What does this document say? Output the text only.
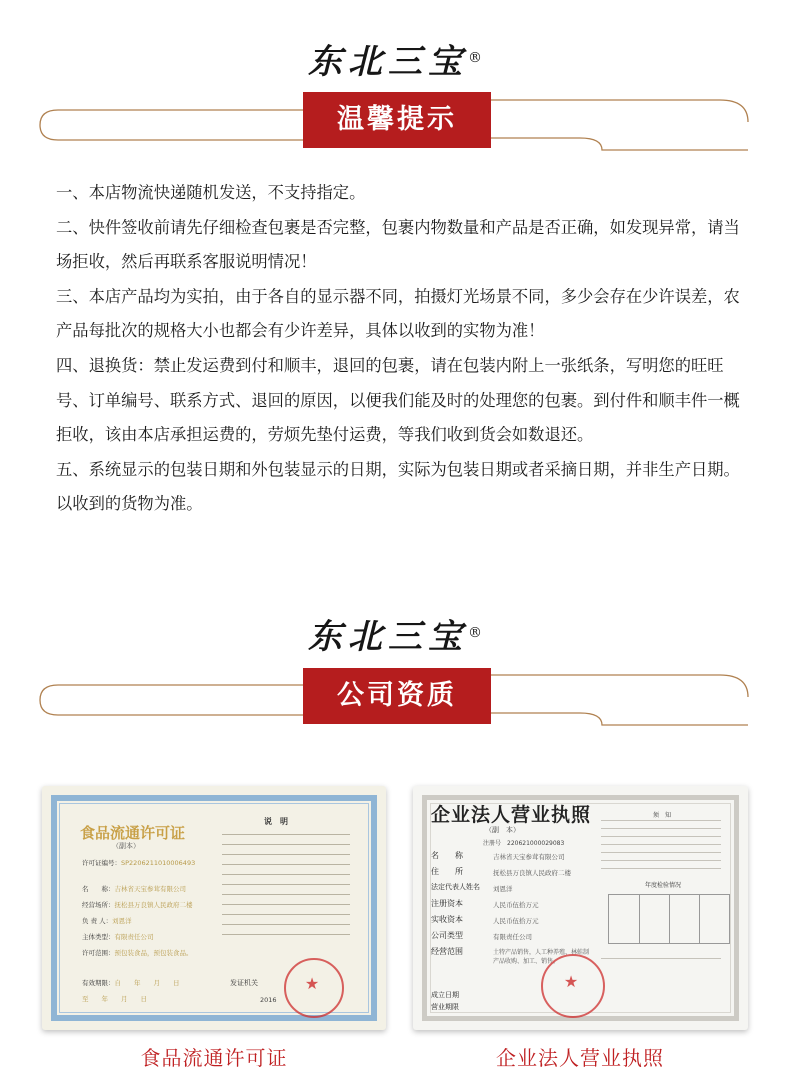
东北三宝®
温馨提示

一、本店物流快递随机发送，不支持指定。

二、快件签收前请先仔细检查包裹是否完整，包裹内物数量和产品是否正确，如发现异常，请当场拒收，然后再联系客服说明情况！

三、本店产品均为实拍，由于各自的显示器不同，拍摄灯光场景不同，多少会存在少许误差，农产品每批次的规格大小也都会有少许差异，具体以收到的实物为准！

四、退换货：禁止发运费到付和顺丰，退回的包裹，请在包装内附上一张纸条，写明您的旺旺号、订单编号、联系方式、退回的原因，以便我们能及时的处理您的包裹。到付件和顺丰件一概拒收，该由本店承担运费的，劳烦先垫付运费，等我们收到货会如数退还。

五、系统显示的包装日期和外包装显示的日期，实际为包装日期或者采摘日期，并非生产日期。以收到的货物为准。

东北三宝®
公司资质
食品流通许可证
（副本）
许可证编号：SP2206211010006493
名　　称：吉林省天宝参茸有限公司
经营场所：抚松县万良镇人民政府二楼
负 责 人：刘恩洋
主体类型：有限责任公司
许可范围：预包装食品，预包装食品。
有效期限：自　　年　　月　　日
至　　年　　月　　日
说　明
发证机关
2016
★
企业法人营业执照
（副　本）
注册号　 220621000029083
名　　称	吉林省天宝参茸有限公司
住　　所	抚松县万良镇人民政府二楼
法定代表人姓名 刘恩洋
注册资本	人民币伍拾万元
实收资本	人民币伍拾万元
公司类型	有限责任公司
经营范围	土特产品销售，人工种养殖、林蛙制产品收购、加工、销售。
成立日期
营业期限
须　知
年度检验情况
★
食品流通许可证	企业法人营业执照
